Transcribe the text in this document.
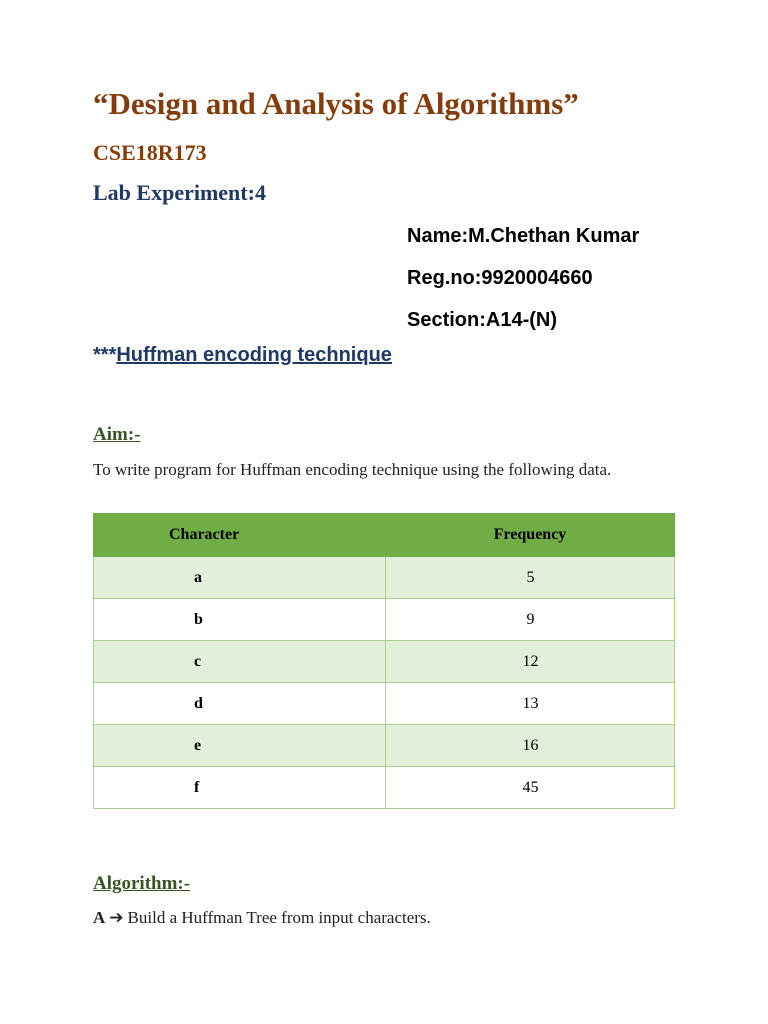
“Design and Analysis of Algorithms”
CSE18R173
Lab Experiment:4
Name:M.Chethan Kumar
Reg.no:9920004660
Section:A14-(N)
***Huffman encoding technique
Aim:-

To write program for Huffman encoding technique using the following data.

Character	Frequency
a	5
b	9
c	12
d	13
e	16
f	45
Algorithm:-
A ➔ Build a Huffman Tree from input characters.
